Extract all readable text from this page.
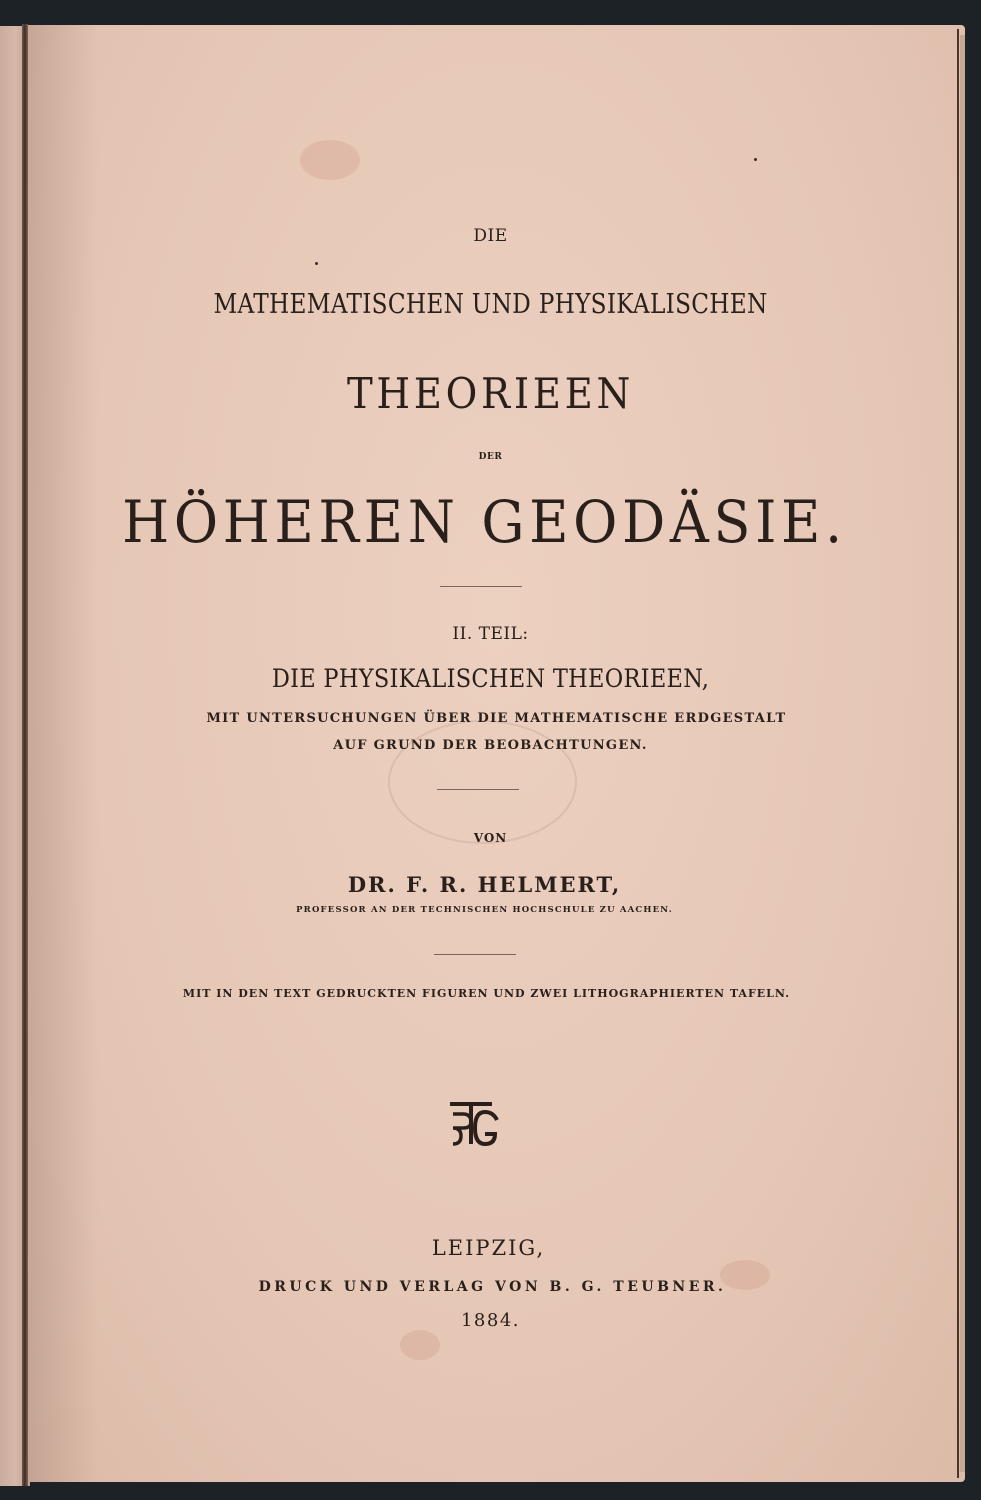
DIE
MATHEMATISCHEN UND PHYSIKALISCHEN
THEORIEEN
DER
HÖHEREN GEODÄSIE.
II. TEIL:
DIE PHYSIKALISCHEN THEORIEEN,
MIT UNTERSUCHUNGEN ÜBER DIE MATHEMATISCHE ERDGESTALT
AUF GRUND DER BEOBACHTUNGEN.
VON
DR. F. R. HELMERT,
PROFESSOR AN DER TECHNISCHEN HOCHSCHULE ZU AACHEN.
MIT IN DEN TEXT GEDRUCKTEN FIGUREN UND ZWEI LITHOGRAPHIERTEN TAFELN.
LEIPZIG,
DRUCK UND VERLAG VON B. G. TEUBNER.
1884.
